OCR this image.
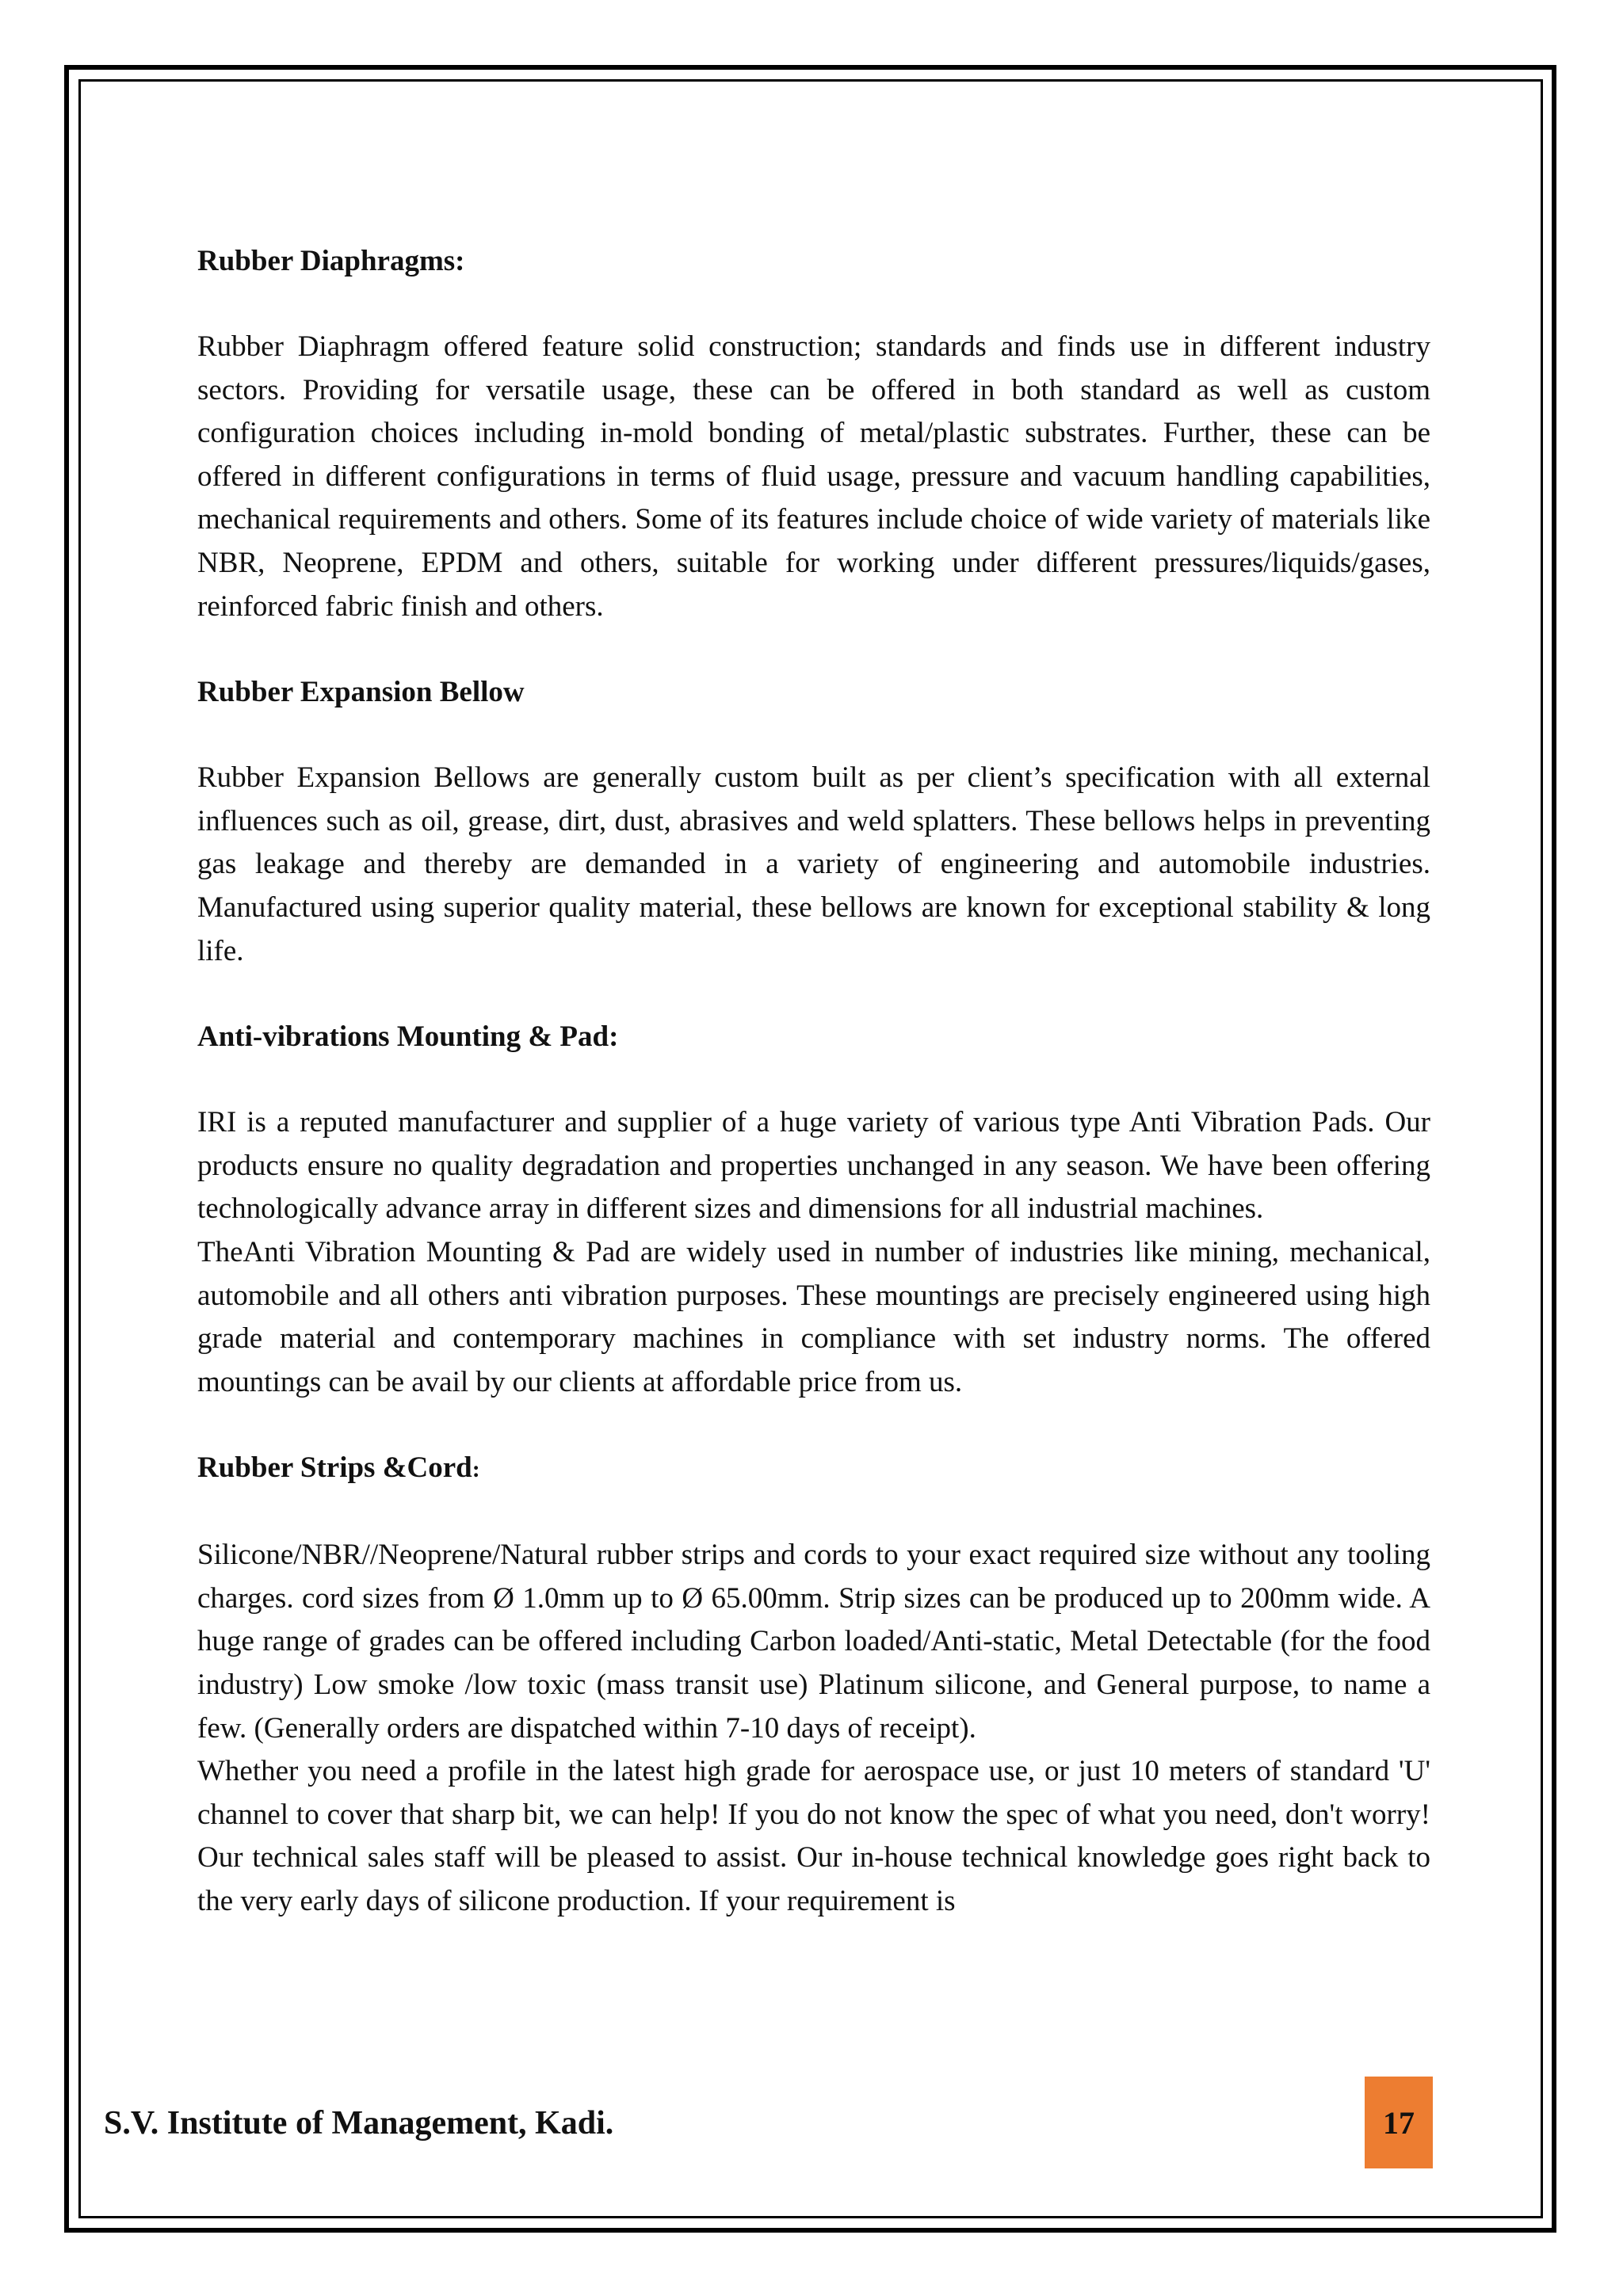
Rubber Diaphragms:

Rubber Diaphragm offered feature solid construction; standards and finds use in different industry sectors. Providing for versatile usage, these can be offered in both standard as well as custom configuration choices including in-mold bonding of metal/plastic substrates. Further, these can be offered in different configurations in terms of fluid usage, pressure and vacuum handling capabilities, mechanical requirements and others. Some of its features include choice of wide variety of materials like NBR, Neoprene, EPDM and others, suitable for working under different pressures/liquids/gases, reinforced fabric finish and others.

Rubber Expansion Bellow

Rubber Expansion Bellows are generally custom built as per client’s specification with all external influences such as oil, grease, dirt, dust, abrasives and weld splatters. These bellows helps in preventing gas leakage and thereby are demanded in a variety of engineering and automobile industries. Manufactured using superior quality material, these bellows are known for exceptional stability & long life.

Anti-vibrations Mounting & Pad:

IRI is a reputed manufacturer and supplier of a huge variety of various type Anti Vibration Pads. Our products ensure no quality degradation and properties unchanged in any season. We have been offering technologically advance array in different sizes and dimensions for all industrial machines.

TheAnti Vibration Mounting & Pad are widely used in number of industries like mining, mechanical, automobile and all others anti vibration purposes. These mountings are precisely engineered using high grade material and contemporary machines in compliance with set industry norms. The offered mountings can be avail by our clients at affordable price from us.

Rubber Strips &Cord:

Silicone/NBR//Neoprene/Natural rubber strips and cords to your exact required size without any tooling charges. cord sizes from Ø 1.0mm up to Ø 65.00mm. Strip sizes can be produced up to 200mm wide. A huge range of grades can be offered including Carbon loaded/Anti-static, Metal Detectable (for the food industry) Low smoke /low toxic (mass transit use) Platinum silicone, and General purpose, to name a few. (Generally orders are dispatched within 7-10 days of receipt).

Whether you need a profile in the latest high grade for aerospace use, or just 10 meters of standard 'U' channel to cover that sharp bit, we can help! If you do not know the spec of what you need, don't worry! Our technical sales staff will be pleased to assist. Our in-house technical knowledge goes right back to the very early days of silicone production. If your requirement is

S.V. Institute of Management, Kadi.	17
